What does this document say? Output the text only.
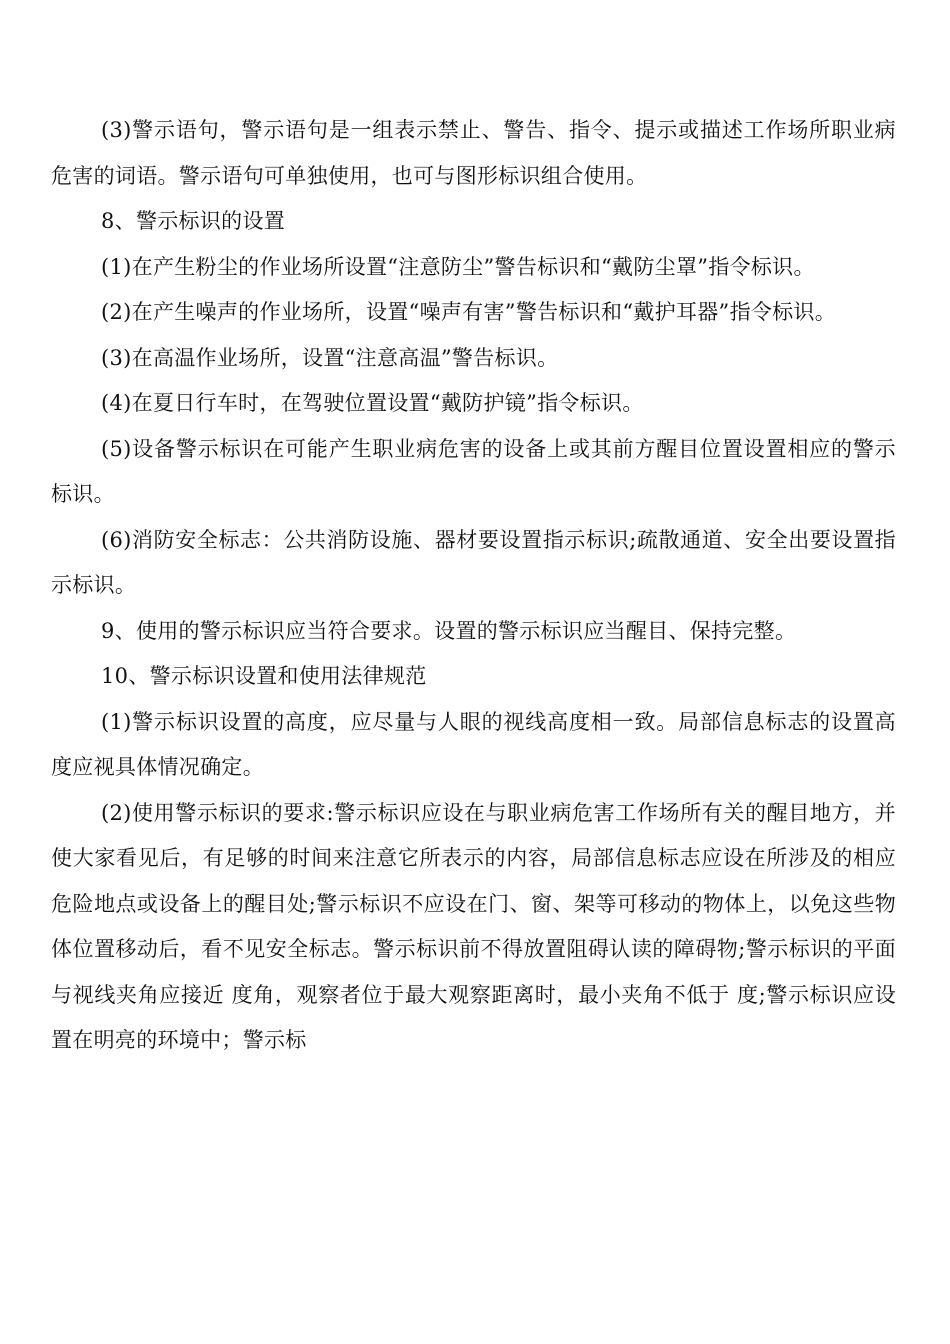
(3)警示语句，警示语句是一组表示禁止、警告、指令、提示或描述工作场所职业病危害的词语。警示语句可单独使用，也可与图形标识组合使用。

8、警示标识的设置

(1)在产生粉尘的作业场所设置“注意防尘”警告标识和“戴防尘罩”指令标识。

(2)在产生噪声的作业场所，设置“噪声有害”警告标识和“戴护耳器”指令标识。

(3)在高温作业场所，设置“注意高温”警告标识。

(4)在夏日行车时，在驾驶位置设置“戴防护镜”指令标识。

(5)设备警示标识在可能产生职业病危害的设备上或其前方醒目位置设置相应的警示标识。

(6)消防安全标志：公共消防设施、器材要设置指示标识;疏散通道、安全出要设置指示标识。

9、使用的警示标识应当符合要求。设置的警示标识应当醒目、保持完整。

10、警示标识设置和使用法律规范

(1)警示标识设置的高度，应尽量与人眼的视线高度相一致。局部信息标志的设置高度应视具体情况确定。

(2)使用警示标识的要求:警示标识应设在与职业病危害工作场所有关的醒目地方，并使大家看见后，有足够的时间来注意它所表示的内容，局部信息标志应设在所涉及的相应危险地点或设备上的醒目处;警示标识不应设在门、窗、架等可移动的物体上，以免这些物体位置移动后，看不见安全标志。警示标识前不得放置阻碍认读的障碍物;警示标识的平面与视线夹角应接近 度角，观察者位于最大观察距离时，最小夹角不低于 度;警示标识应设置在明亮的环境中；警示标
